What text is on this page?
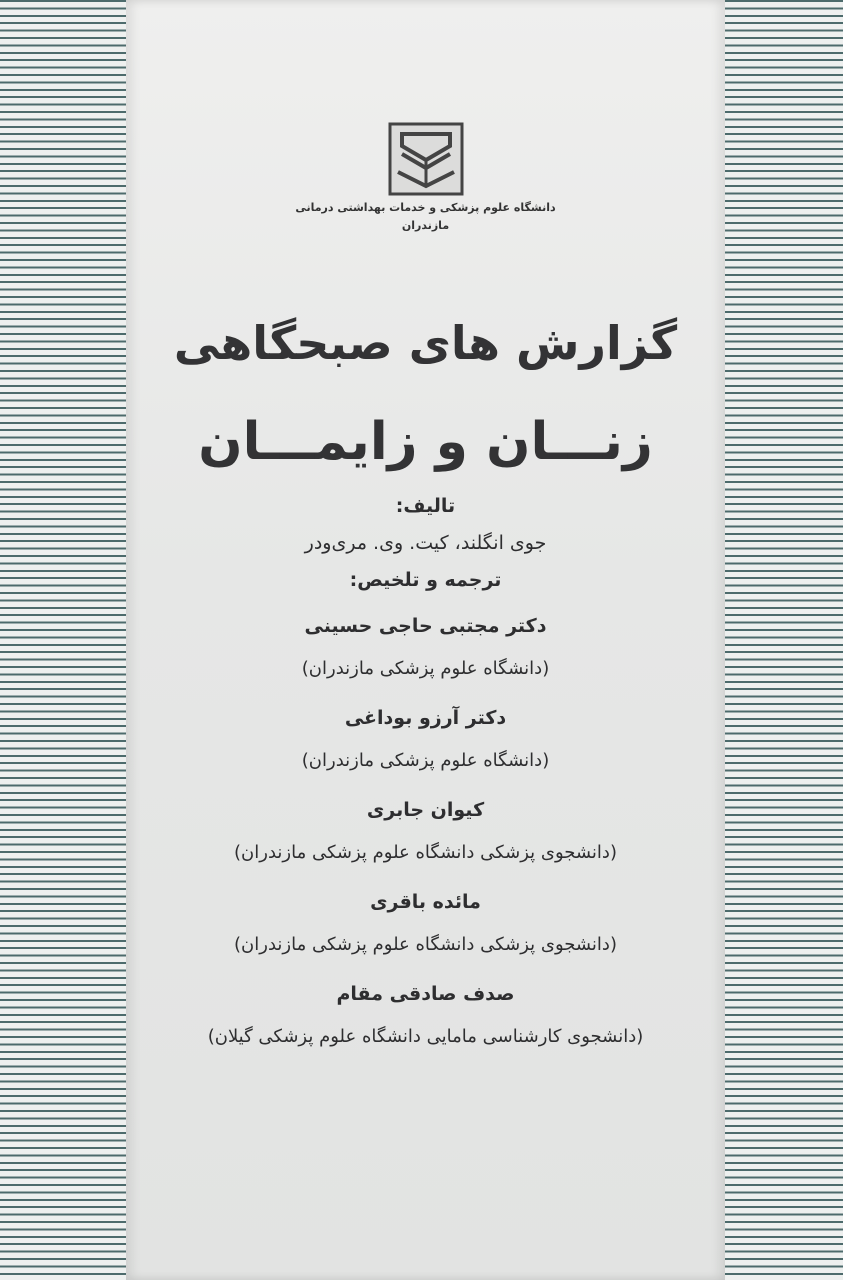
دانشگاه علوم پزشکی و خدمات بهداشتی درمانی
مازندران
گزارش های صبحگاهی
زنـــان و زایمـــان

تالیف:

جوی انگلند، کیت. وی. مری‌ودر

ترجمه و تلخیص:

دکتر مجتبی حاجی حسینی

(دانشگاه علوم پزشکی مازندران)

دکتر آرزو بوداغی

(دانشگاه علوم پزشکی مازندران)

کیوان جابری

(دانشجوی پزشکی دانشگاه علوم پزشکی مازندران)

مائده باقری

(دانشجوی پزشکی دانشگاه علوم پزشکی مازندران)

صدف صادقی مقام

(دانشجوی کارشناسی مامایی دانشگاه علوم پزشکی گیلان)
